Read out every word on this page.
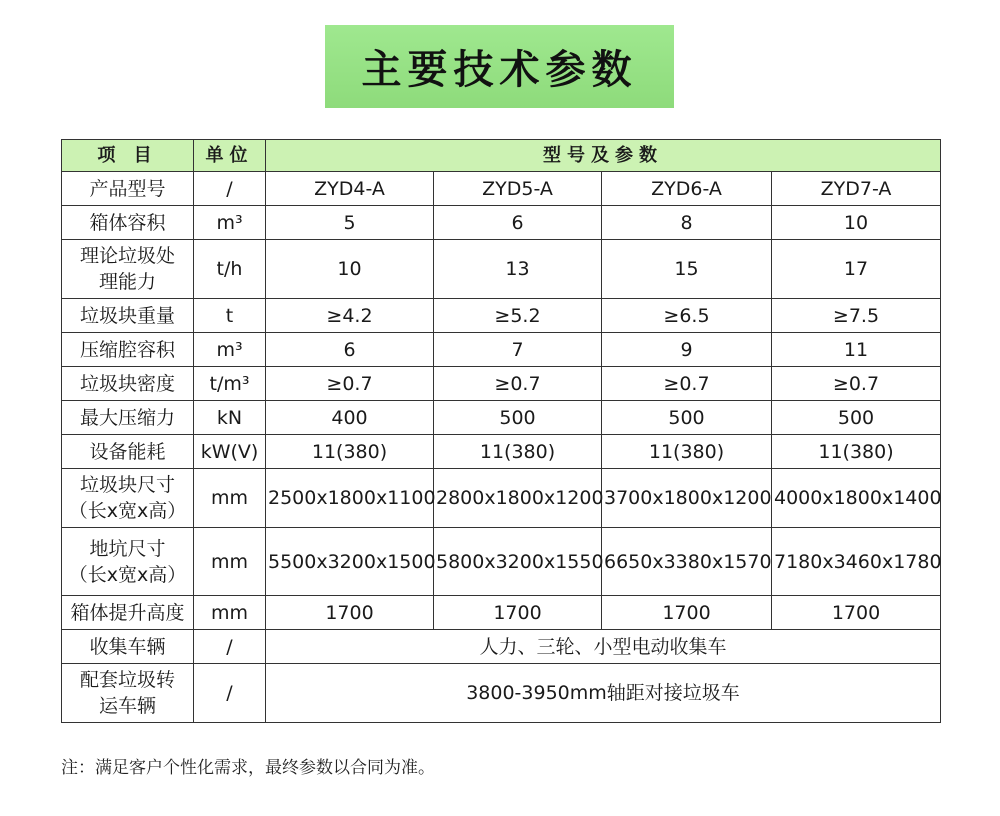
主要技术参数
项 目	单位	型号及参数			
产品型号	/	ZYD4-A	ZYD5-A	ZYD6-A	ZYD7-A
箱体容积	m³	5	6	8	10

理论垃圾处
理能力	t/h	10	13	15	17
垃圾块重量	t	≥4.2	≥5.2	≥6.5	≥7.5
压缩腔容积	m³	6	7	9	11
垃圾块密度	t/m³	≥0.7	≥0.7	≥0.7	≥0.7
最大压缩力	kN	400	500	500	500
设备能耗	kW(V)	11(380)	11(380)	11(380)	11(380)

垃圾块尺寸
（长x宽x高）	mm	2500x1800x1100	2800x1800x1200	3700x1800x1200	4000x1800x1400

地坑尺寸
（长x宽x高）	mm	5500x3200x1500	5800x3200x1550	6650x3380x1570	7180x3460x1780
箱体提升高度	mm	1700	1700	1700	1700
收集车辆	/	人力、三轮、小型电动收集车			

配套垃圾转
运车辆	/	3800-3950mm轴距对接垃圾车			
注：满足客户个性化需求，最终参数以合同为准。
